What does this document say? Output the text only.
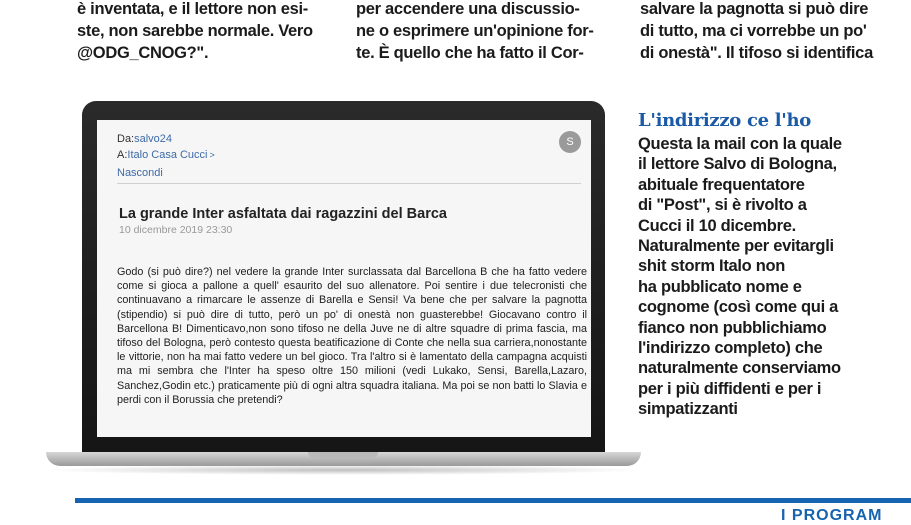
è inventata, e il lettore non esi-
ste, non sarebbe normale. Vero
@ODG_CNOG?".
per accendere una discussio-
ne o esprimere un'opinione for-
te. È quello che ha fatto il Cor-
salvare la pagnotta si può dire
di tutto, ma ci vorrebbe un po'
di onestà". Il tifoso si identifica
Da:salvo24
A:Italo Casa Cucci >
Nascondi
S
La grande Inter asfaltata dai ragazzini del Barca
10 dicembre 2019 23:30
Godo (si può dire?) nel vedere la grande Inter surclassata dal Barcellona B che ha fatto vedere come si gioca a pallone a quell' esaurito del suo allenatore. Poi sentire i due telecronisti che continuavano a rimarcare le assenze di Barella e Sensi! Va bene che per salvare la pagnotta (stipendio) si può dire di tutto, però un po' di onestà non guasterebbe! Giocavano contro il Barcellona B! Dimenticavo,non sono tifoso ne della Juve ne di altre squadre di prima fascia, ma tifoso del Bologna, però contesto questa beatificazione di Conte che nella sua carriera,nonostante le vittorie, non ha mai fatto vedere un bel gioco. Tra l'altro si è lamentato della campagna acquisti ma mi sembra che l'Inter ha speso oltre 150 milioni (vedi Lukako, Sensi, Barella,Lazaro, Sanchez,Godin etc.) praticamente più di ogni altra squadra italiana. Ma poi se non batti lo Slavia e perdi con il Borussia che pretendi?
L'indirizzo ce l'ho
Questa la mail con la quale
il lettore Salvo di Bologna,
abituale frequentatore
di "Post", si è rivolto a
Cucci il 10 dicembre.
Naturalmente per evitargli
shit storm Italo non
ha pubblicato nome e
cognome (così come qui a
fianco non pubblichiamo
l'indirizzo completo) che
naturalmente conserviamo
per i più diffidenti e per i
simpatizzanti
I PROGRAM
